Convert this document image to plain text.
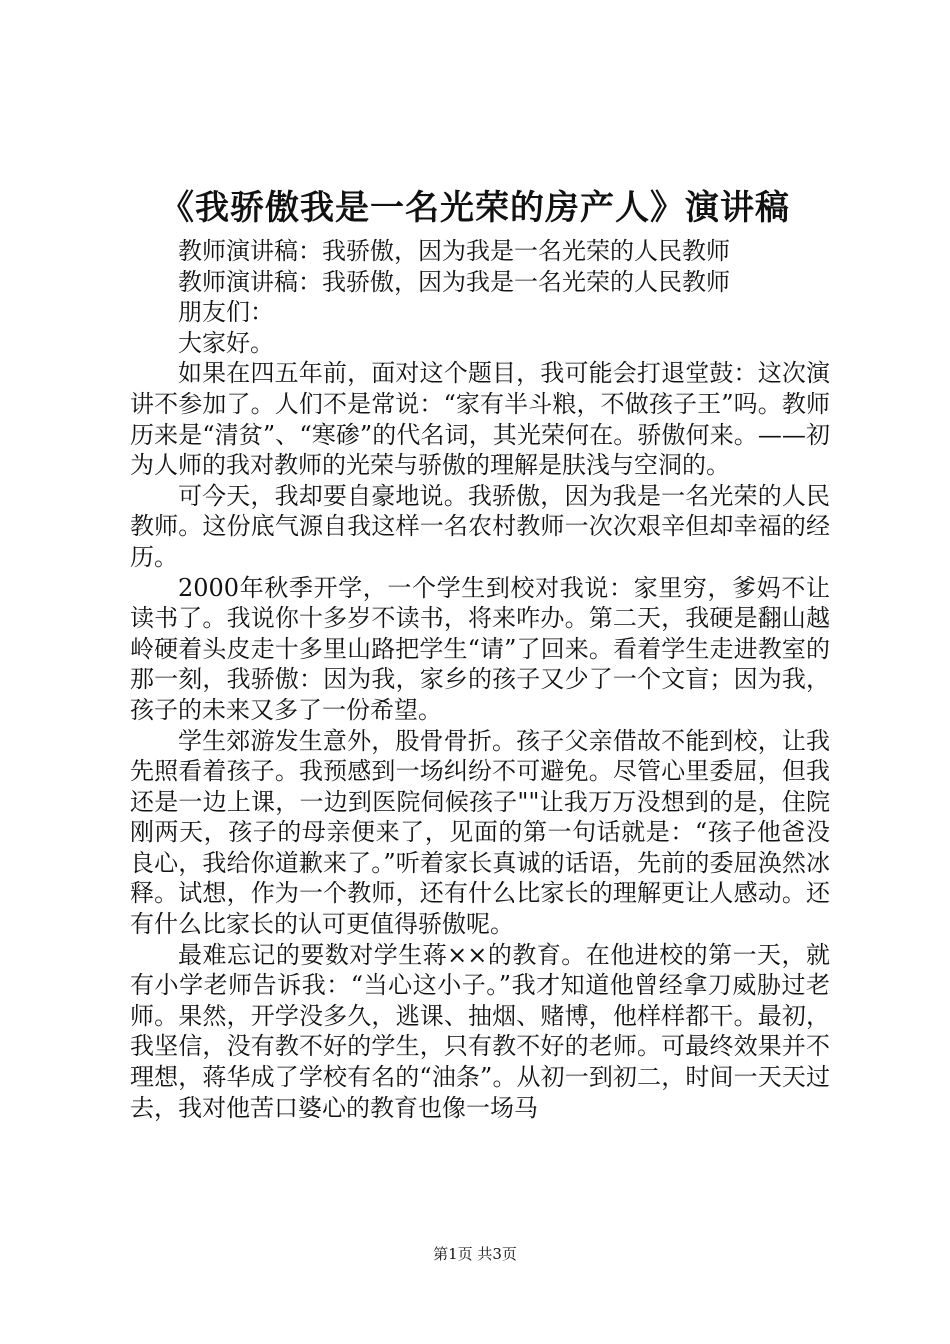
《我骄傲我是一名光荣的房产人》演讲稿

教师演讲稿：我骄傲，因为我是一名光荣的人民教师

教师演讲稿：我骄傲，因为我是一名光荣的人民教师

朋友们：

大家好。

如果在四五年前，面对这个题目，我可能会打退堂鼓：这次演讲不参加了。人们不是常说：“家有半斗粮，不做孩子王”吗。教师历来是“清贫”、“寒碜”的代名词，其光荣何在。骄傲何来。——初为人师的我对教师的光荣与骄傲的理解是肤浅与空洞的。

可今天，我却要自豪地说。我骄傲，因为我是一名光荣的人民教师。这份底气源自我这样一名农村教师一次次艰辛但却幸福的经历。

2000年秋季开学，一个学生到校对我说：家里穷，爹妈不让读书了。我说你十多岁不读书，将来咋办。第二天，我硬是翻山越岭硬着头皮走十多里山路把学生“请”了回来。看着学生走进教室的那一刻，我骄傲：因为我，家乡的孩子又少了一个文盲；因为我，孩子的未来又多了一份希望。

学生郊游发生意外，股骨骨折。孩子父亲借故不能到校，让我先照看着孩子。我预感到一场纠纷不可避免。尽管心里委屈，但我还是一边上课，一边到医院伺候孩子""让我万万没想到的是，住院刚两天，孩子的母亲便来了，见面的第一句话就是：“孩子他爸没良心，我给你道歉来了。”听着家长真诚的话语，先前的委屈涣然冰释。试想，作为一个教师，还有什么比家长的理解更让人感动。还有什么比家长的认可更值得骄傲呢。

最难忘记的要数对学生蒋××的教育。在他进校的第一天，就有小学老师告诉我：“当心这小子。”我才知道他曾经拿刀威胁过老师。果然，开学没多久，逃课、抽烟、赌博，他样样都干。最初，我坚信，没有教不好的学生，只有教不好的老师。可最终效果并不理想，蒋华成了学校有名的“油条”。从初一到初二，时间一天天过去，我对他苦口婆心的教育也像一场马

第1页 共3页
